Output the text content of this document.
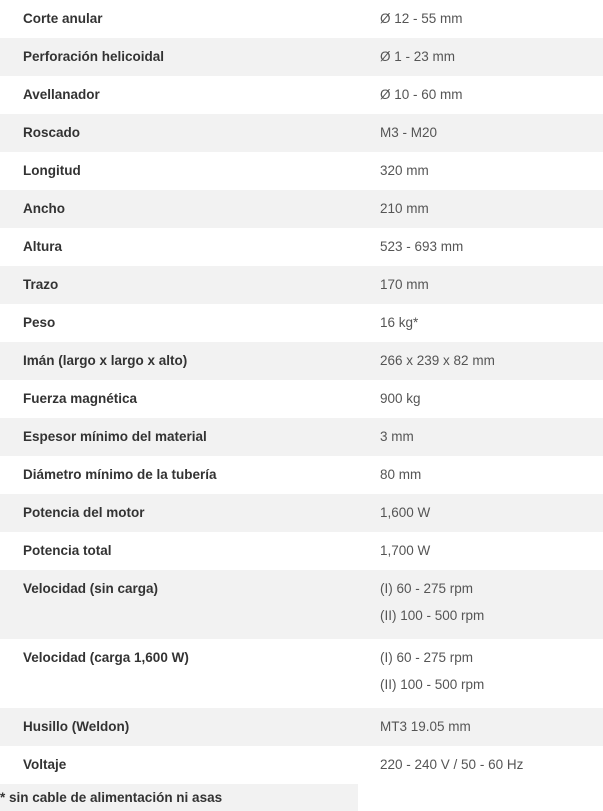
Corte anular	Ø 12 - 55 mm

Perforación helicoidal	Ø 1 - 23 mm

Avellanador	Ø 10 - 60 mm

Roscado	M3 - M20

Longitud	320 mm

Ancho	210 mm

Altura	523 - 693 mm

Trazo	170 mm

Peso	16 kg*

Imán (largo x largo x alto)	266 x 239 x 82 mm

Fuerza magnética	900 kg

Espesor mínimo del material	3 mm

Diámetro mínimo de la tubería	80 mm

Potencia del motor	1,600 W

Potencia total	1,700 W

Velocidad (sin carga)	(I) 60 - 275 rpm
(II) 100 - 500 rpm

Velocidad (carga 1,600 W)	(I) 60 - 275 rpm
(II) 100 - 500 rpm

Husillo (Weldon)	MT3 19.05 mm

Voltaje	220 - 240 V / 50 - 60 Hz

* sin cable de alimentación ni asas	
